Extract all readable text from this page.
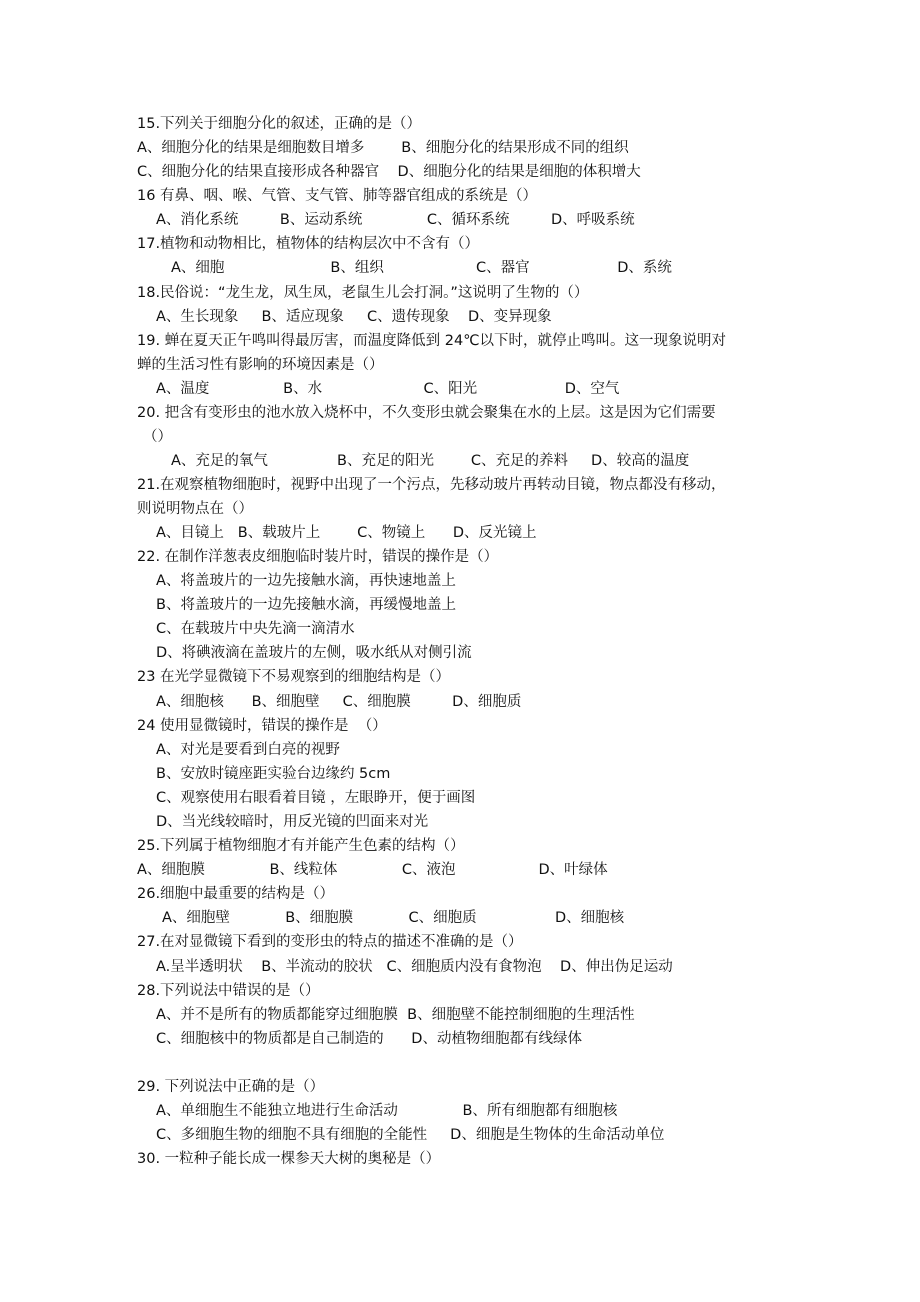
15.下列关于细胞分化的叙述，正确的是（）
A、细胞分化的结果是细胞数目增多        B、细胞分化的结果形成不同的组织
C、细胞分化的结果直接形成各种器官    D、细胞分化的结果是细胞的体积增大
16 有鼻、咽、喉、气管、支气管、肺等器官组成的系统是（）
A、消化系统         B、运动系统              C、循环系统         D、呼吸系统
17.植物和动物相比，植物体的结构层次中不含有（）
A、细胞                       B、组织                    C、器官                   D、系统
18.民俗说：“龙生龙，凤生凤，老鼠生儿会打洞。”这说明了生物的（）
A、生长现象     B、适应现象     C、遗传现象    D、变异现象
19. 蝉在夏天正午鸣叫得最厉害，而温度降低到 24℃以下时，就停止鸣叫。这一现象说明对
蝉的生活习性有影响的环境因素是（）
A、温度                B、水                      C、阳光                   D、空气
20. 把含有变形虫的池水放入烧杯中，不久变形虫就会聚集在水的上层。这是因为它们需要
（）
A、充足的氧气               B、充足的阳光        C、充足的养料     D、较高的温度
21.在观察植物细胞时，视野中出现了一个污点，先移动玻片再转动目镜，物点都没有移动，
则说明物点在（）
A、目镜上   B、载玻片上        C、物镜上      D、反光镜上
22. 在制作洋葱表皮细胞临时装片时，错误的操作是（）
A、将盖玻片的一边先接触水滴，再快速地盖上
B、将盖玻片的一边先接触水滴，再缓慢地盖上
C、在载玻片中央先滴一滴清水
D、将碘液滴在盖玻片的左侧，吸水纸从对侧引流
23 在光学显微镜下不易观察到的细胞结构是（）
A、细胞核      B、细胞壁     C、细胞膜         D、细胞质
24 使用显微镜时，错误的操作是  （）
A、对光是要看到白亮的视野
B、安放时镜座距实验台边缘约 5cm
C、观察使用右眼看着目镜 ，左眼睁开，便于画图
D、当光线较暗时，用反光镜的凹面来对光
25.下列属于植物细胞才有并能产生色素的结构（）
A、细胞膜              B、线粒体              C、液泡                  D、叶绿体
26.细胞中最重要的结构是（）
A、细胞壁            B、细胞膜            C、细胞质                 D、细胞核
27.在对显微镜下看到的变形虫的特点的描述不准确的是（）
A.呈半透明状    B、半流动的胶状   C、细胞质内没有食物泡    D、伸出伪足运动
28.下列说法中错误的是（）
A、并不是所有的物质都能穿过细胞膜  B、细胞壁不能控制细胞的生理活性
C、细胞核中的物质都是自己制造的      D、动植物细胞都有线绿体
29. 下列说法中正确的是（）
A、单细胞生不能独立地进行生命活动              B、所有细胞都有细胞核
C、多细胞生物的细胞不具有细胞的全能性     D、细胞是生物体的生命活动单位
30. 一粒种子能长成一棵参天大树的奥秘是（）
